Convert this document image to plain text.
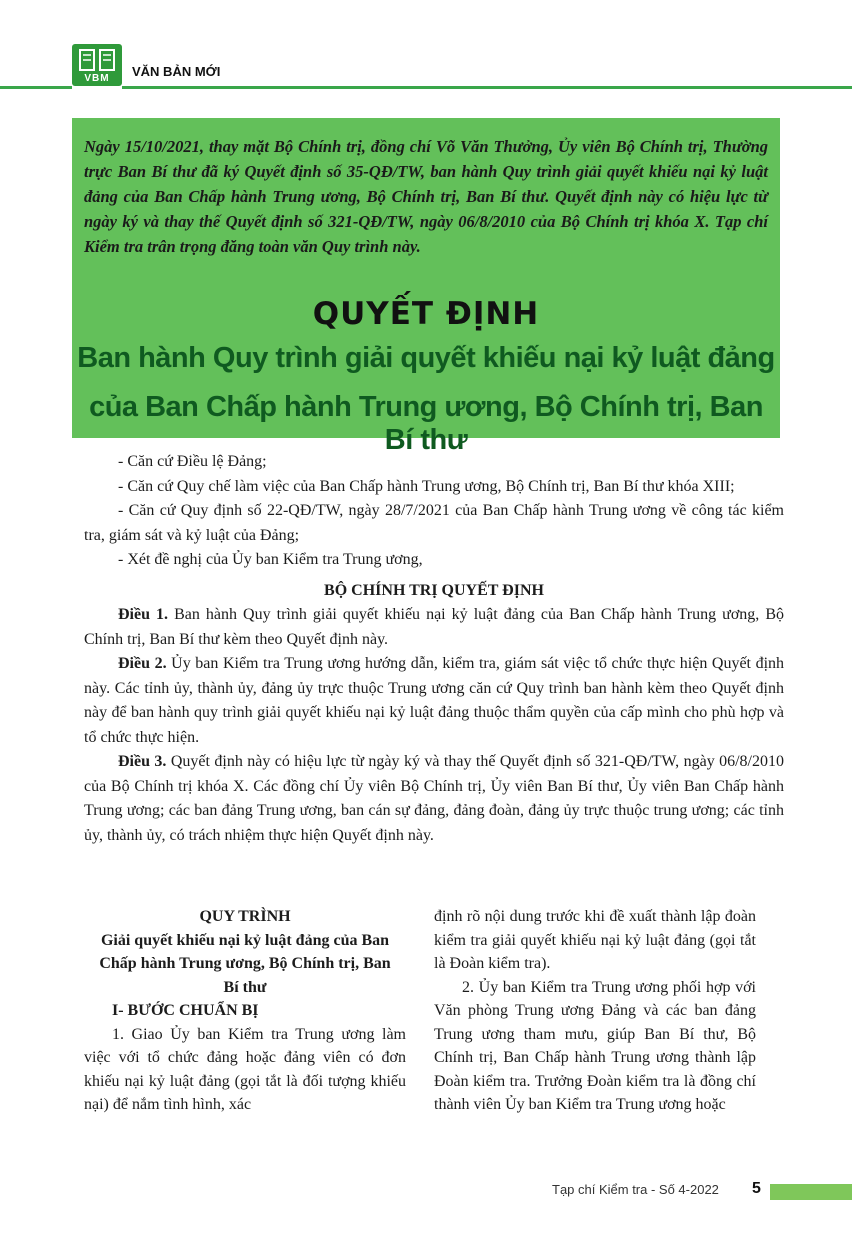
VBM	VĂN BẢN MỚI
Ngày 15/10/2021, thay mặt Bộ Chính trị, đồng chí Võ Văn Thưởng, Ủy viên Bộ Chính trị, Thường trực Ban Bí thư đã ký Quyết định số 35-QĐ/TW, ban hành Quy trình giải quyết khiếu nại kỷ luật đảng của Ban Chấp hành Trung ương, Bộ Chính trị, Ban Bí thư. Quyết định này có hiệu lực từ ngày ký và thay thế Quyết định số 321-QĐ/TW, ngày 06/8/2010 của Bộ Chính trị khóa X. Tạp chí Kiểm tra trân trọng đăng toàn văn Quy trình này.
QUYẾT ĐỊNH
Ban hành Quy trình giải quyết khiếu nại kỷ luật đảng
của Ban Chấp hành Trung ương, Bộ Chính trị, Ban Bí thư

- Căn cứ Điều lệ Đảng;

- Căn cứ Quy chế làm việc của Ban Chấp hành Trung ương, Bộ Chính trị, Ban Bí thư khóa XIII;

- Căn cứ Quy định số 22-QĐ/TW, ngày 28/7/2021 của Ban Chấp hành Trung ương về công tác kiểm tra, giám sát và kỷ luật của Đảng;

- Xét đề nghị của Ủy ban Kiểm tra Trung ương,

BỘ CHÍNH TRỊ QUYẾT ĐỊNH

Điều 1. Ban hành Quy trình giải quyết khiếu nại kỷ luật đảng của Ban Chấp hành Trung ương, Bộ Chính trị, Ban Bí thư kèm theo Quyết định này.

Điều 2. Ủy ban Kiểm tra Trung ương hướng dẫn, kiểm tra, giám sát việc tổ chức thực hiện Quyết định này. Các tỉnh ủy, thành ủy, đảng ủy trực thuộc Trung ương căn cứ Quy trình ban hành kèm theo Quyết định này để ban hành quy trình giải quyết khiếu nại kỷ luật đảng thuộc thẩm quyền của cấp mình cho phù hợp và tổ chức thực hiện.

Điều 3. Quyết định này có hiệu lực từ ngày ký và thay thế Quyết định số 321-QĐ/TW, ngày 06/8/2010 của Bộ Chính trị khóa X. Các đồng chí Ủy viên Bộ Chính trị, Ủy viên Ban Bí thư, Ủy viên Ban Chấp hành Trung ương; các ban đảng Trung ương, ban cán sự đảng, đảng đoàn, đảng ủy trực thuộc trung ương; các tỉnh ủy, thành ủy, có trách nhiệm thực hiện Quyết định này.

QUY TRÌNH

Giải quyết khiếu nại kỷ luật đảng của Ban Chấp hành Trung ương, Bộ Chính trị, Ban Bí thư

I- BƯỚC CHUẨN BỊ

1. Giao Ủy ban Kiểm tra Trung ương làm việc với tổ chức đảng hoặc đảng viên có đơn khiếu nại kỷ luật đảng (gọi tắt là đối tượng khiếu nại) để nắm tình hình, xác

định rõ nội dung trước khi đề xuất thành lập đoàn kiểm tra giải quyết khiếu nại kỷ luật đảng (gọi tắt là Đoàn kiểm tra).

2. Ủy ban Kiểm tra Trung ương phối hợp với Văn phòng Trung ương Đảng và các ban đảng Trung ương tham mưu, giúp Ban Bí thư, Bộ Chính trị, Ban Chấp hành Trung ương thành lập Đoàn kiểm tra. Trưởng Đoàn kiểm tra là đồng chí thành viên Ủy ban Kiểm tra Trung ương hoặc

Tạp chí Kiểm tra - Số 4-2022 5
